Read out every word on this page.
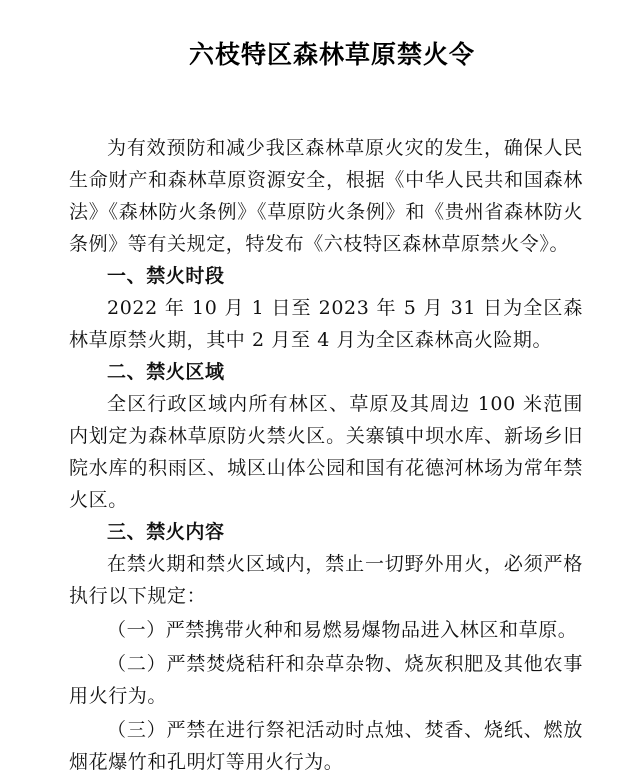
六枝特区森林草原禁火令

为有效预防和减少我区森林草原火灾的发生，确保人民生命财产和森林草原资源安全，根据《中华人民共和国森林法》《森林防火条例》《草原防火条例》和《贵州省森林防火条例》等有关规定，特发布《六枝特区森林草原禁火令》。

一、禁火时段

2022 年 10 月 1 日至 2023 年 5 月 31 日为全区森林草原禁火期，其中 2 月至 4 月为全区森林高火险期。

二、禁火区域

全区行政区域内所有林区、草原及其周边 100 米范围内划定为森林草原防火禁火区。关寨镇中坝水库、新场乡旧院水库的积雨区、城区山体公园和国有花德河林场为常年禁火区。

三、禁火内容

在禁火期和禁火区域内，禁止一切野外用火，必须严格执行以下规定：

（一）严禁携带火种和易燃易爆物品进入林区和草原。

（二）严禁焚烧秸秆和杂草杂物、烧灰积肥及其他农事用火行为。

（三）严禁在进行祭祀活动时点烛、焚香、烧纸、燃放烟花爆竹和孔明灯等用火行为。
